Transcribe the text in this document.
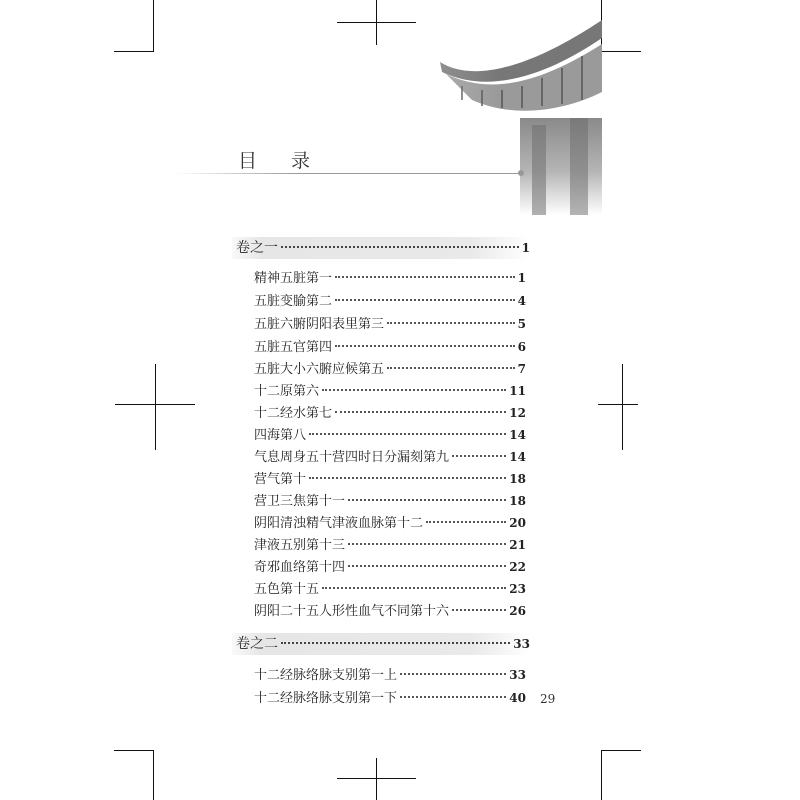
目 录
卷之一	1
精神五脏第一	1
五脏变腧第二	4
五脏六腑阴阳表里第三	5
五脏五官第四	6
五脏大小六腑应候第五	7
十二原第六	11
十二经水第七	12
四海第八	14
气息周身五十营四时日分漏刻第九	14
营气第十	18
营卫三焦第十一	18
阴阳清浊精气津液血脉第十二	20
津液五别第十三	21
奇邪血络第十四	22
五色第十五	23
阴阳二十五人形性血气不同第十六	26
卷之二	33
十二经脉络脉支别第一上	33
十二经脉络脉支别第一下	40 29
